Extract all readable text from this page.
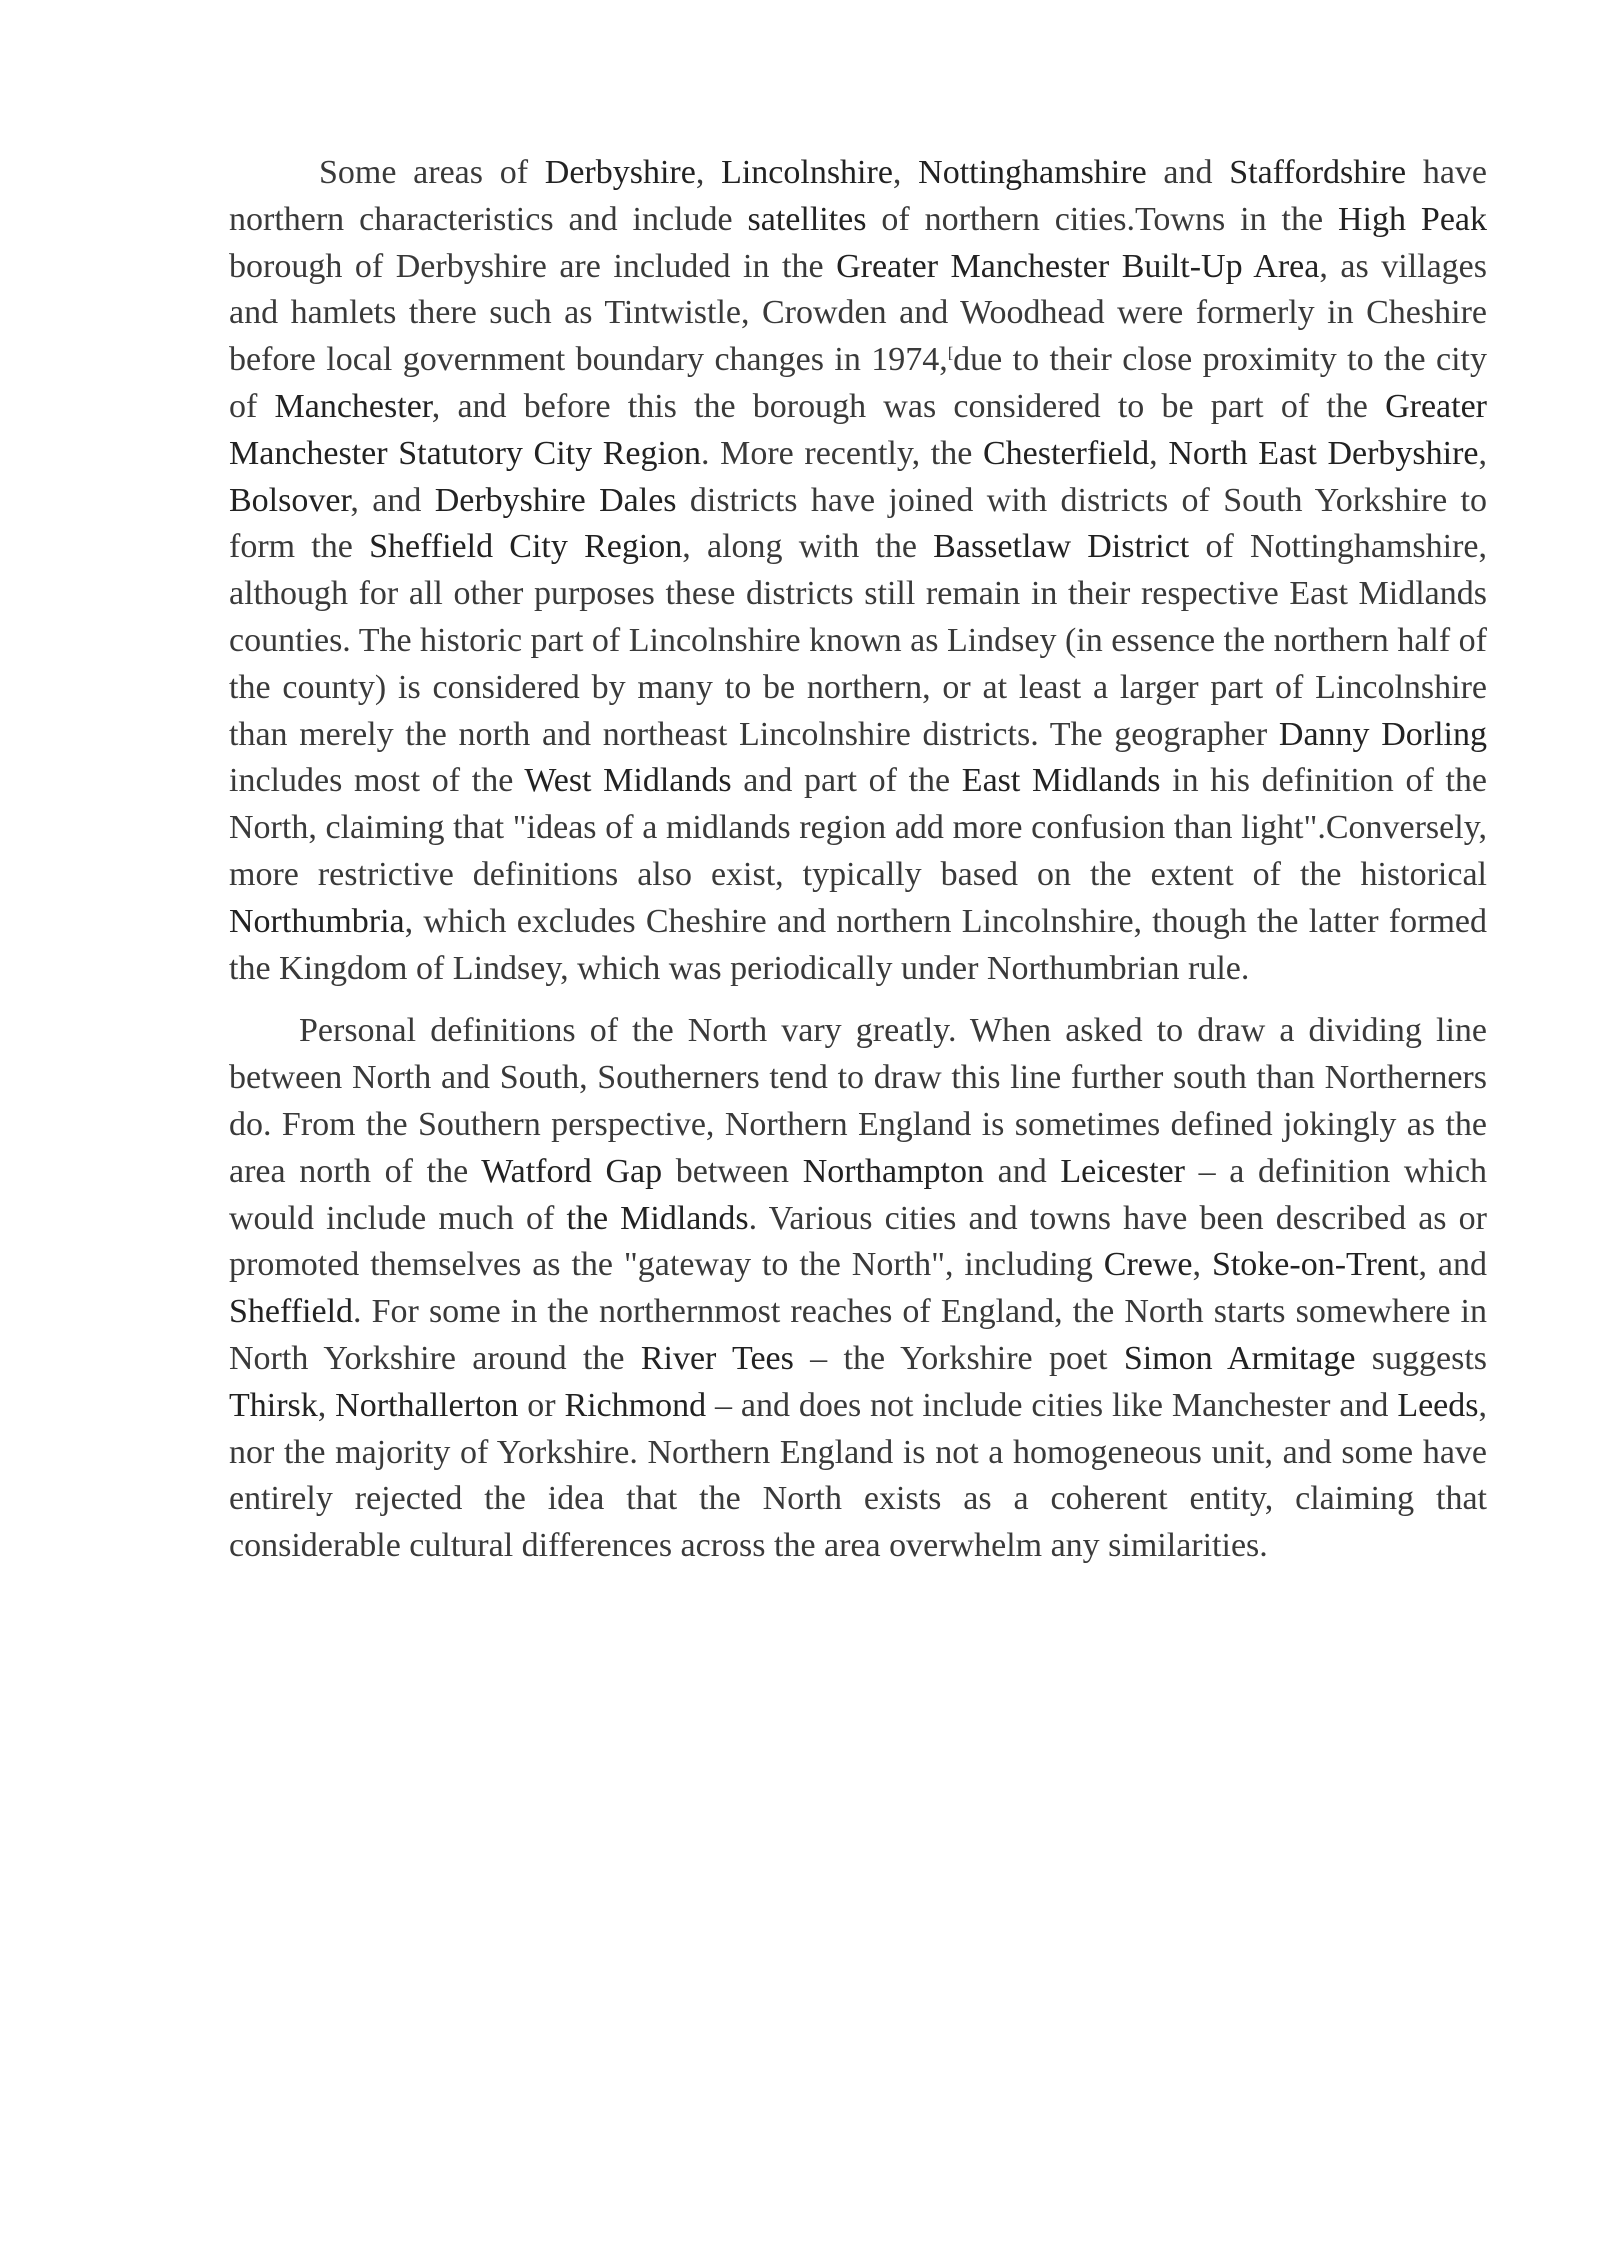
Some areas of Derbyshire, Lincolnshire, Nottinghamshire and Staffordshire have northern characteristics and include satellites of northern cities.Towns in the High Peak borough of Derbyshire are included in the Greater Manchester Built-Up Area, as villages and hamlets there such as Tintwistle, Crowden and Woodhead were formerly in Cheshire before local government boundary changes in 1974,[due to their close proximity to the city of Manchester, and before this the borough was considered to be part of the Greater Manchester Statutory City Region. More recently, the Chesterfield, North East Derbyshire, Bolsover, and Derbyshire Dales districts have joined with districts of South Yorkshire to form the Sheffield City Region, along with the Bassetlaw District of Nottinghamshire, although for all other purposes these districts still remain in their respective East Midlands counties. The historic part of Lincolnshire known as Lindsey (in essence the northern half of the county) is considered by many to be northern, or at least a larger part of Lincolnshire than merely the north and northeast Lincolnshire districts. The geographer Danny Dorling includes most of the West Midlands and part of the East Midlands in his definition of the North, claiming that "ideas of a midlands region add more confusion than light".Conversely, more restrictive definitions also exist, typically based on the extent of the historical Northumbria, which excludes Cheshire and northern Lincolnshire, though the latter formed the Kingdom of Lindsey, which was periodically under Northumbrian rule.

Personal definitions of the North vary greatly. When asked to draw a dividing line between North and South, Southerners tend to draw this line further south than Northerners do. From the Southern perspective, Northern England is sometimes defined jokingly as the area north of the Watford Gap between Northampton and Leicester – a definition which would include much of the Midlands. Various cities and towns have been described as or promoted themselves as the "gateway to the North", including Crewe, Stoke-on-Trent, and Sheffield. For some in the northernmost reaches of England, the North starts somewhere in North Yorkshire around the River Tees – the Yorkshire poet Simon Armitage suggests Thirsk, Northallerton or Richmond – and does not include cities like Manchester and Leeds, nor the majority of Yorkshire. Northern England is not a homogeneous unit, and some have entirely rejected the idea that the North exists as a coherent entity, claiming that considerable cultural differences across the area overwhelm any similarities.
